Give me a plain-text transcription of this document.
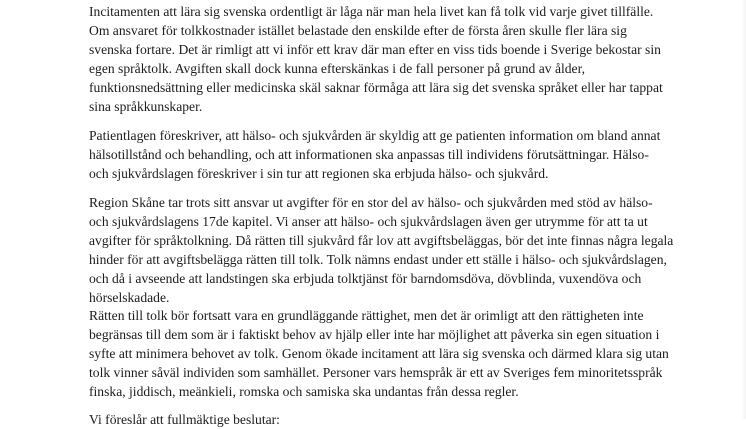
Incitamenten att lära sig svenska ordentligt är låga när man hela livet kan få tolk vid varje givet tillfälle.
Om ansvaret för tolkkostnader istället belastade den enskilde efter de första åren skulle fler lära sig
svenska fortare. Det är rimligt att vi inför ett krav där man efter en viss tids boende i Sverige bekostar sin
egen språktolk. Avgiften skall dock kunna efterskänkas i de fall personer på grund av ålder,
funktionsnedsättning eller medicinska skäl saknar förmåga att lära sig det svenska språket eller har tappat
sina språkkunskaper.

Patientlagen föreskriver, att hälso- och sjukvården är skyldig att ge patienten information om bland annat
hälsotillstånd och behandling, och att informationen ska anpassas till individens förutsättningar. Hälso-
och sjukvårdslagen föreskriver i sin tur att regionen ska erbjuda hälso- och sjukvård.

Region Skåne tar trots sitt ansvar ut avgifter för en stor del av hälso- och sjukvården med stöd av hälso-
och sjukvårdslagens 17de kapitel. Vi anser att hälso- och sjukvårdslagen även ger utrymme för att ta ut
avgifter för språktolkning. Då rätten till sjukvård får lov att avgiftsbeläggas, bör det inte finnas några legala
hinder för att avgiftsbelägga rätten till tolk. Tolk nämns endast under ett ställe i hälso- och sjukvårdslagen,
och då i avseende att landstingen ska erbjuda tolktjänst för barndomsdöva, dövblinda, vuxendöva och
hörselskadade.

Rätten till tolk bör fortsatt vara en grundläggande rättighet, men det är orimligt att den rättigheten inte
begränsas till dem som är i faktiskt behov av hjälp eller inte har möjlighet att påverka sin egen situation i
syfte att minimera behovet av tolk. Genom ökade incitament att lära sig svenska och därmed klara sig utan
tolk vinner såväl individen som samhället. Personer vars hemspråk är ett av Sveriges fem minoritetsspråk
finska, jiddisch, meänkieli, romska och samiska ska undantas från dessa regler.

Vi föreslår att fullmäktige beslutar:
